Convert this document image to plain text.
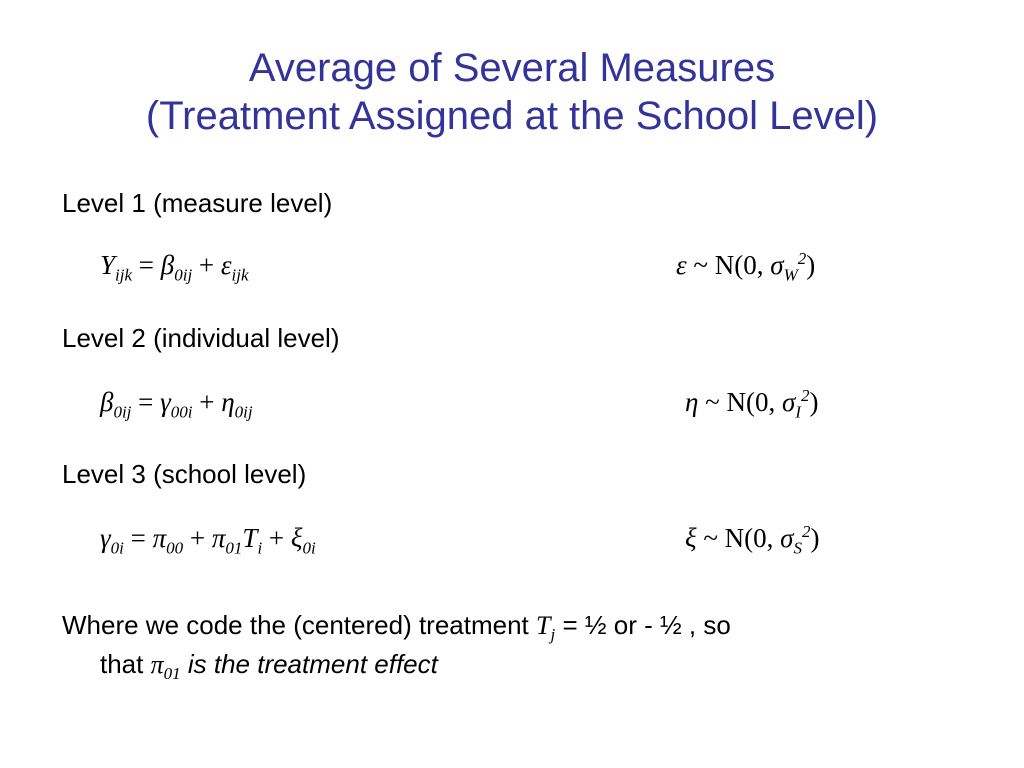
Average of Several Measures
(Treatment Assigned at the School Level)
Level 1 (measure level)
$Y_{ijk} = \beta_{0ij} + \varepsilon_{ijk}$	ε ~ N(0, $\sigma_W^2$)
Level 2 (individual level)
$\beta_{0ij} = \gamma_{00i} + \eta_{0ij}$	η ~ N(0, $\sigma_I^2$)
Level 3 (school level)
$\gamma_{0i} = \pi_{00} + \pi_{01}T_i + \xi_{0i}$	ξ ~ N(0, $\sigma_S^2$)
Where we code the (centered) treatment $T_j$ = ½ or - ½ , so
that $\pi_{01}$ is the treatment effect
